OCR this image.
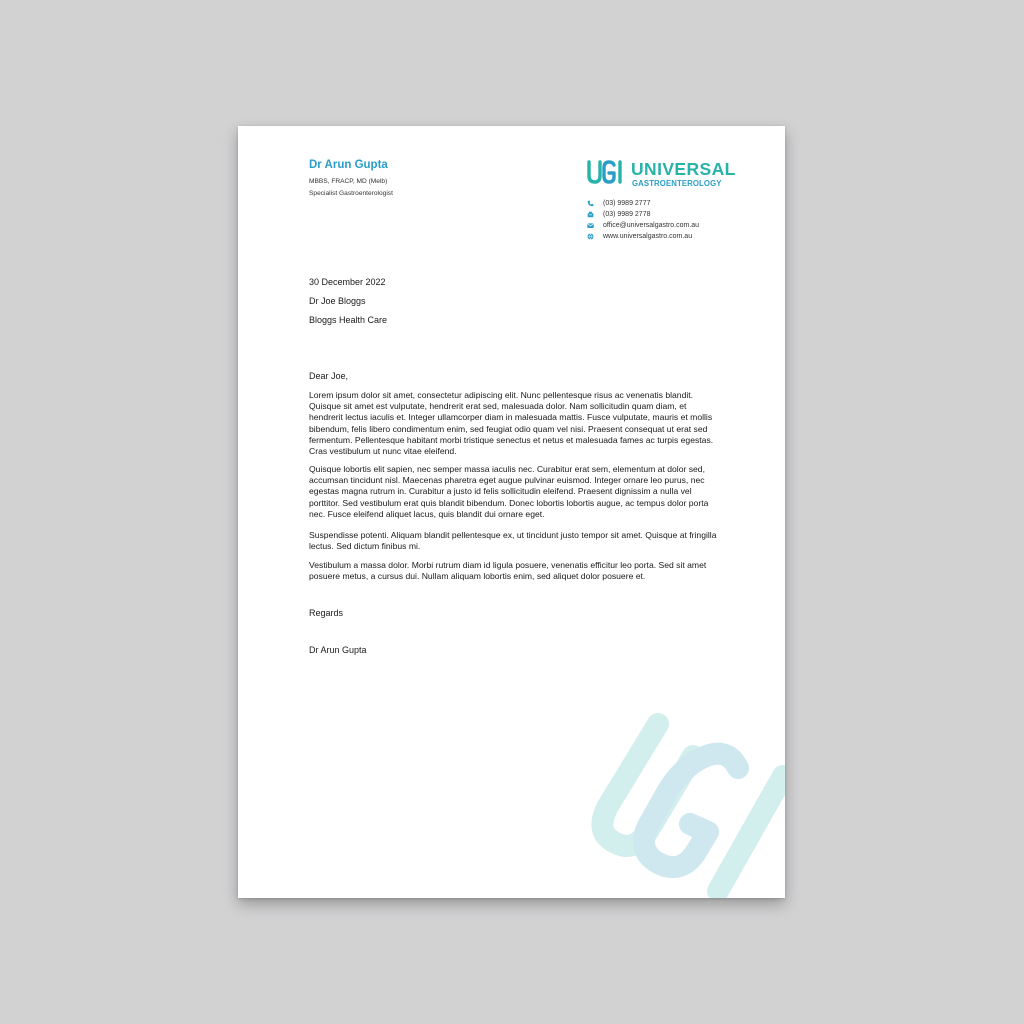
Dr Arun Gupta
MBBS, FRACP, MD (Melb)
Specialist Gastroenterologist
UNIVERSAL
GASTROENTEROLOGY
(03) 9989 2777
(03) 9989 2778
office@universalgastro.com.au
www.universalgastro.com.au
30 December 2022
Dr Joe Bloggs
Bloggs Health Care
Dear Joe,
Lorem ipsum dolor sit amet, consectetur adipiscing elit. Nunc pellentesque risus ac venenatis blandit. Quisque sit amet est vulputate, hendrerit erat sed, malesuada dolor. Nam sollicitudin quam diam, et hendrerit lectus iaculis et. Integer ullamcorper diam in malesuada mattis. Fusce vulputate, mauris et mollis bibendum, felis libero condimentum enim, sed feugiat odio quam vel nisi. Praesent consequat ut erat sed fermentum. Pellentesque habitant morbi tristique senectus et netus et malesuada fames ac turpis egestas. Cras vestibulum ut nunc vitae eleifend.
Quisque lobortis elit sapien, nec semper massa iaculis nec. Curabitur erat sem, elementum at dolor sed, accumsan tincidunt nisl. Maecenas pharetra eget augue pulvinar euismod. Integer ornare leo purus, nec egestas magna rutrum in. Curabitur a justo id felis sollicitudin eleifend. Praesent dignissim a nulla vel porttitor. Sed vestibulum erat quis blandit bibendum. Donec lobortis lobortis augue, ac tempus dolor porta nec. Fusce eleifend aliquet lacus, quis blandit dui ornare eget.
Suspendisse potenti. Aliquam blandit pellentesque ex, ut tincidunt justo tempor sit amet. Quisque at fringilla lectus. Sed dictum finibus mi.
Vestibulum a massa dolor. Morbi rutrum diam id ligula posuere, venenatis efficitur leo porta. Sed sit amet posuere metus, a cursus dui. Nullam aliquam lobortis enim, sed aliquet dolor posuere et.
Regards
Dr Arun Gupta
